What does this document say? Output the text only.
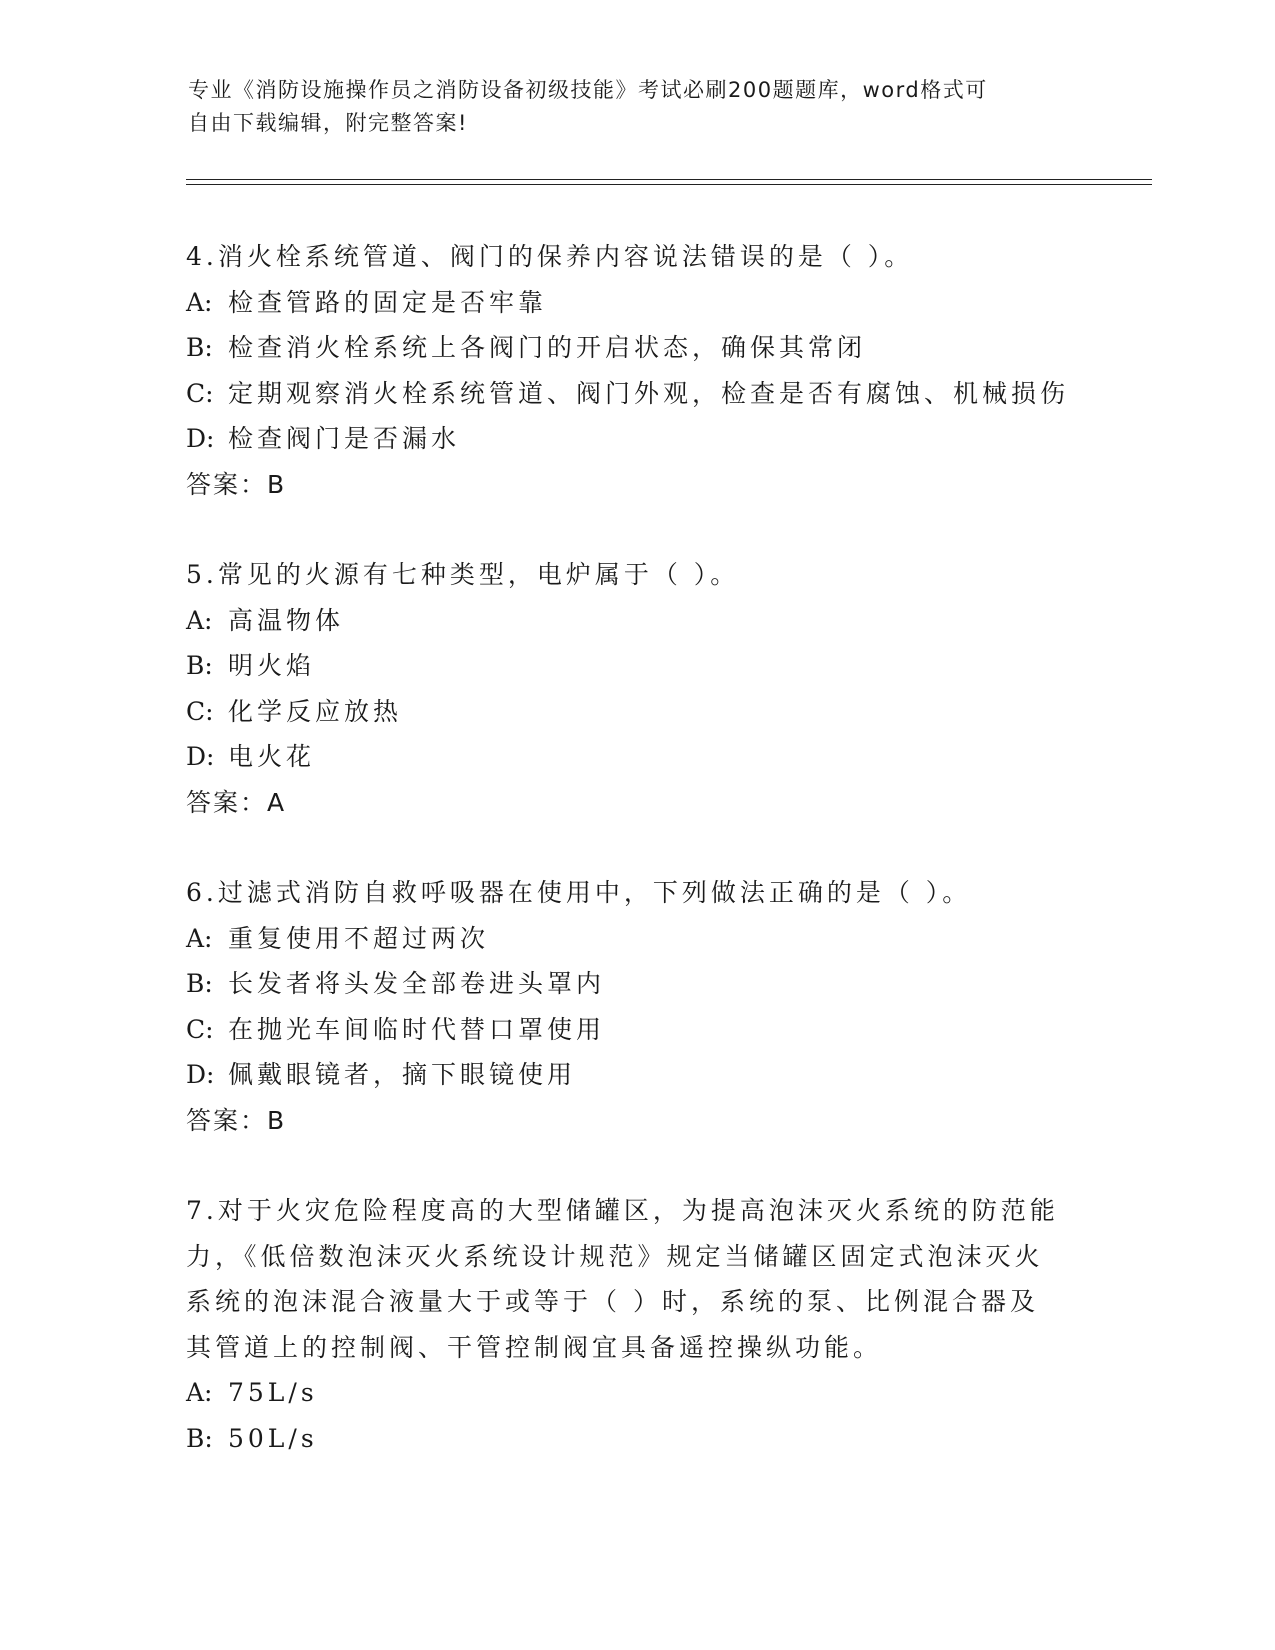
专业《消防设施操作员之消防设备初级技能》考试必刷200题题库，word格式可
自由下载编辑，附完整答案!
4.消火栓系统管道、阀门的保养内容说法错误的是（ ）。
A: 检查管路的固定是否牢靠
B: 检查消火栓系统上各阀门的开启状态，确保其常闭
C: 定期观察消火栓系统管道、阀门外观，检查是否有腐蚀、机械损伤
D: 检查阀门是否漏水
答案：B
5.常见的火源有七种类型，电炉属于（ ）。
A: 高温物体
B: 明火焰
C: 化学反应放热
D: 电火花
答案：A
6.过滤式消防自救呼吸器在使用中，下列做法正确的是（ ）。
A: 重复使用不超过两次
B: 长发者将头发全部卷进头罩内
C: 在抛光车间临时代替口罩使用
D: 佩戴眼镜者，摘下眼镜使用
答案：B
7.对于火灾危险程度高的大型储罐区，为提高泡沫灭火系统的防范能
力，《低倍数泡沫灭火系统设计规范》规定当储罐区固定式泡沫灭火
系统的泡沫混合液量大于或等于（ ）时，系统的泵、比例混合器及
其管道上的控制阀、干管控制阀宜具备遥控操纵功能。
A: 75L/s
B: 50L/s
